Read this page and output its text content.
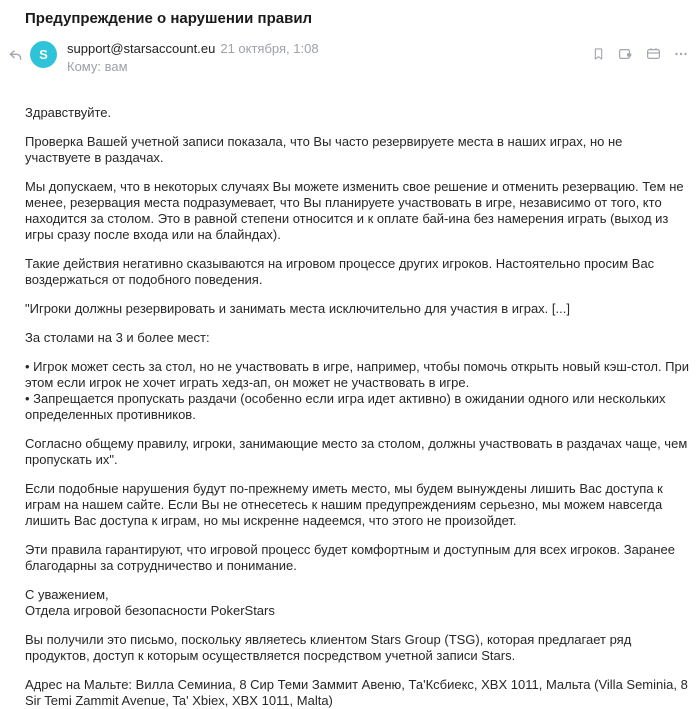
Предупреждение о нарушении правил
S	support@starsaccount.eu 21 октября, 1:08
Кому: вам

Здравствуйте.

Проверка Вашей учетной записи показала, что Вы часто резервируете места в наших играх, но не участвуете в раздачах.

Мы допускаем, что в некоторых случаях Вы можете изменить свое решение и отменить резервацию. Тем не менее, резервация места подразумевает, что Вы планируете участвовать в игре, независимо от того, кто находится за столом. Это в равной степени относится и к оплате бай-ина без намерения играть (выход из игры сразу после входа или на блайндах).

Такие действия негативно сказываются на игровом процессе других игроков. Настоятельно просим Вас воздержаться от подобного поведения.

"Игроки должны резервировать и занимать места исключительно для участия в играх. [...]

За столами на 3 и более мест:

• Игрок может сесть за стол, но не участвовать в игре, например, чтобы помочь открыть новый кэш-стол. При этом если игрок не хочет играть хедз-ап, он может не участвовать в игре.
• Запрещается пропускать раздачи (особенно если игра идет активно) в ожидании одного или нескольких определенных противников.

Согласно общему правилу, игроки, занимающие место за столом, должны участвовать в раздачах чаще, чем пропускать их".

Если подобные нарушения будут по-прежнему иметь место, мы будем вынуждены лишить Вас доступа к играм на нашем сайте. Если Вы не отнесетесь к нашим предупреждениям серьезно, мы можем навсегда лишить Вас доступа к играм, но мы искренне надеемся, что этого не произойдет.

Эти правила гарантируют, что игровой процесс будет комфортным и доступным для всех игроков. Заранее благодарны за сотрудничество и понимание.

С уважением,
Отдела игровой безопасности PokerStars

Вы получили это письмо, поскольку являетесь клиентом Stars Group (TSG), которая предлагает ряд продуктов, доступ к которым осуществляется посредством учетной записи Stars.

Адрес на Мальте: Вилла Семиниа, 8 Сир Теми Заммит Авеню, Та'Ксбиекс, XBX 1011, Мальта (Villa Seminia, 8 Sir Temi Zammit Avenue, Ta' Xbiex, XBX 1011, Malta)
